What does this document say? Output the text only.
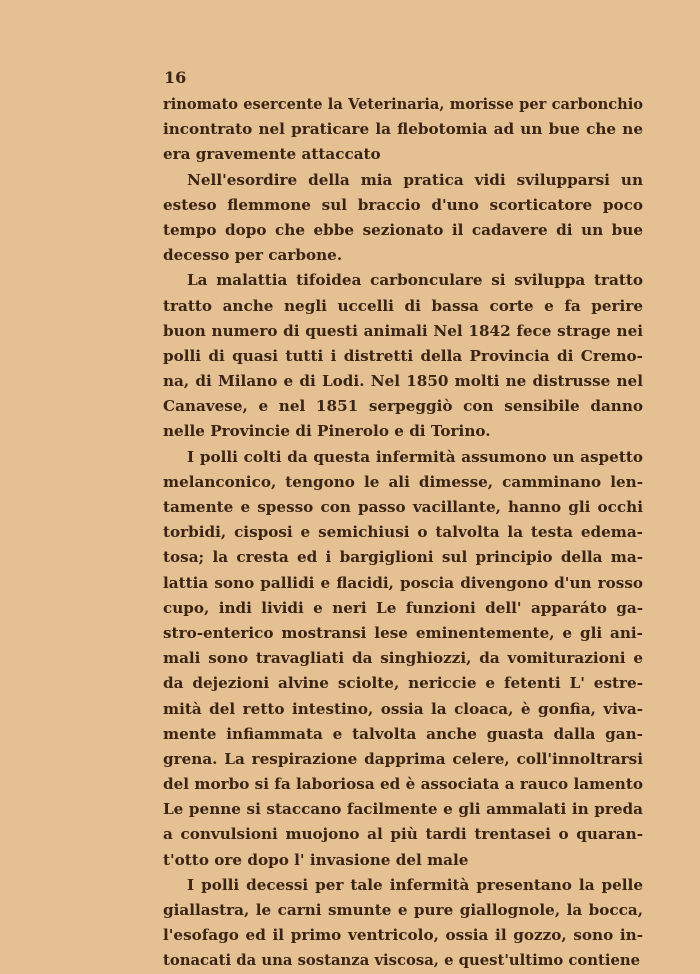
16
rinomato esercente la Veterinaria, morisse per carbonchio
incontrato nel praticare la flebotomia ad un bue che ne
era gravemente attaccato
Nell'esordire della mia pratica vidi svilupparsi un
esteso flemmone sul braccio d'uno scorticatore poco
tempo dopo che ebbe sezionato il cadavere di un bue
decesso per carbone.
La malattia tifoidea carbonculare si sviluppa tratto
tratto anche negli uccelli di bassa corte e fa perire
buon numero di questi animali Nel 1842 fece strage nei
polli di quasi tutti i distretti della Provincia di Cremo-
na, di Milano e di Lodi. Nel 1850 molti ne distrusse nel
Canavese, e nel 1851 serpeggiò con sensibile danno
nelle Provincie di Pinerolo e di Torino.
I polli colti da questa infermità assumono un aspetto
melanconico, tengono le ali dimesse, camminano len-
tamente e spesso con passo vacillante, hanno gli occhi
torbidi, cisposi e semichiusi o talvolta la testa edema-
tosa; la cresta ed i bargiglioni sul principio della ma-
lattia sono pallidi e flacidi, poscia divengono d'un rosso
cupo, indi lividi e neri Le funzioni dell' apparáto ga-
stro-enterico mostransi lese eminentemente, e gli ani-
mali sono travagliati da singhiozzi, da vomiturazioni e
da dejezioni alvine sciolte, nericcie e fetenti L' estre-
mità del retto intestino, ossia la cloaca, è gonfia, viva-
mente infiammata e talvolta anche guasta dalla gan-
grena. La respirazione dapprima celere, coll'innoltrarsi
del morbo si fa laboriosa ed è associata a rauco lamento
Le penne si staccano facilmente e gli ammalati in preda
a convulsioni muojono al più tardi trentasei o quaran-
t'otto ore dopo l' invasione del male
I polli decessi per tale infermità presentano la pelle
giallastra, le carni smunte e pure giallognole, la bocca,
l'esofago ed il primo ventricolo, ossia il gozzo, sono in-
tonacati da una sostanza viscosa, e quest'ultimo contiene
